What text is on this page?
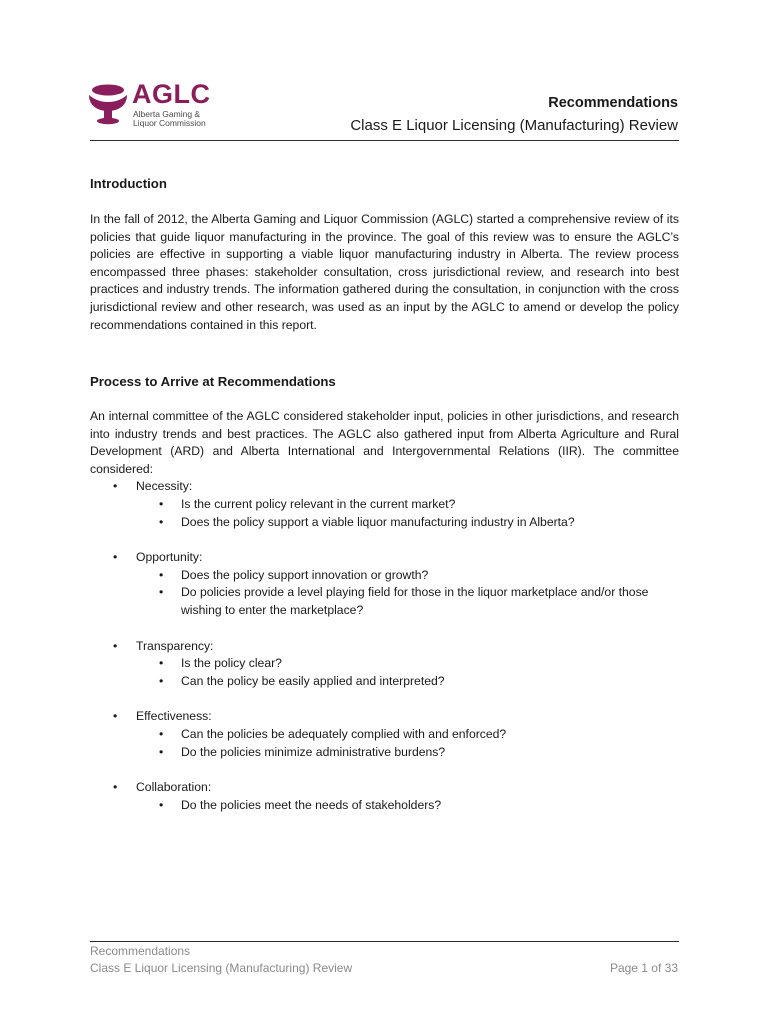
AGLC
Alberta Gaming &
Liquor Commission
Recommendations
Class E Liquor Licensing (Manufacturing) Review
Introduction

In the fall of 2012, the Alberta Gaming and Liquor Commission (AGLC) started a comprehensive review of its policies that guide liquor manufacturing in the province. The goal of this review was to ensure the AGLC’s policies are effective in supporting a viable liquor manufacturing industry in Alberta. The review process encompassed three phases: stakeholder consultation, cross jurisdictional review, and research into best practices and industry trends. The information gathered during the consultation, in conjunction with the cross jurisdictional review and other research, was used as an input by the AGLC to amend or develop the policy recommendations contained in this report.

Process to Arrive at Recommendations

An internal committee of the AGLC considered stakeholder input, policies in other jurisdictions, and research into industry trends and best practices. The AGLC also gathered input from Alberta Agriculture and Rural Development (ARD) and Alberta International and Intergovernmental Relations (IIR). The committee considered:

• Necessity:
• Is the current policy relevant in the current market?
• Does the policy support a viable liquor manufacturing industry in Alberta?
• Opportunity:
• Does the policy support innovation or growth?
• Do policies provide a level playing field for those in the liquor marketplace and/or those wishing to enter the marketplace?
• Transparency:
• Is the policy clear?
• Can the policy be easily applied and interpreted?
• Effectiveness:
• Can the policies be adequately complied with and enforced?
• Do the policies minimize administrative burdens?
• Collaboration:
• Do the policies meet the needs of stakeholders?
Recommendations
Class E Liquor Licensing (Manufacturing) Review	Page 1 of 33
